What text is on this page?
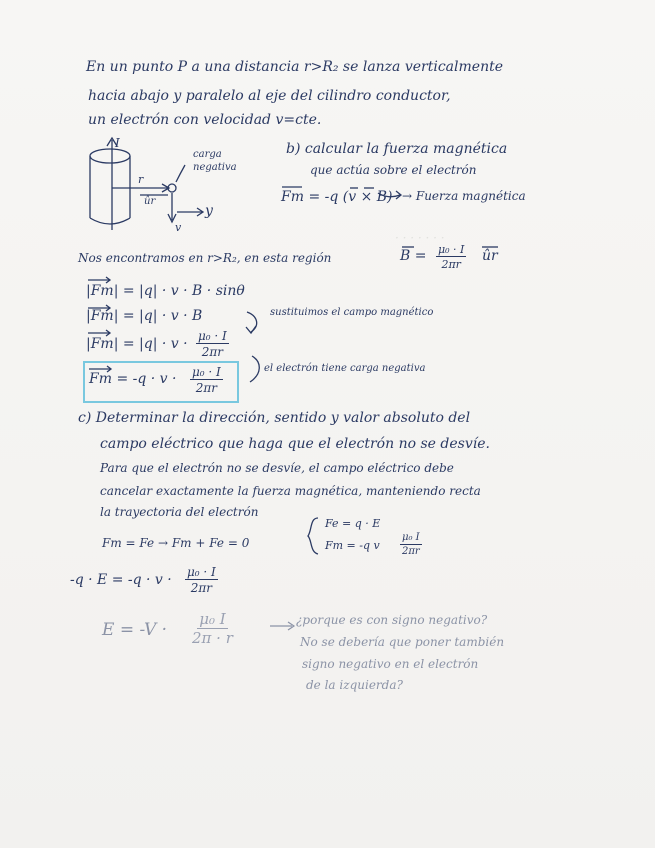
· · · · · · ·
En un punto P a una distancia r>R₂ se lanza verticalmente
hacia abajo y paralelo al eje del cilindro conductor,
un electrón con velocidad v=cte.
I
r
ûr
v
y
carga
negativa
b) calcular la fuerza magnética
que actúa sobre el electrón
Fm = -q (v × B) → Fuerza magnética
Nos encontramos en r>R₂, en esta región	$B = \frac{\text{μ₀ · I}}{2\pi r}$ ûr
|Fm| = |q| · v · B · sinθ
|Fm| = |q| · v · B	sustituimos el campo magnético
$|Fm| = |q| \cdot v \cdot \frac{\text{μ₀ · I}}{2\pi r}$
$Fm = -q \cdot v \cdot \frac{\text{μ₀ · I}}{2\pi r}$	el electrón tiene carga negativa
c) Determinar la dirección, sentido y valor absoluto del
campo eléctrico que haga que el electrón no se desvíe.
Para que el electrón no se desvíe, el campo eléctrico debe
cancelar exactamente la fuerza magnética, manteniendo recta
la trayectoria del electrón
Fm = Fe → Fm + Fe = 0
Fe = q · E
Fm = -q v $\frac{\text{μ₀ I}}{2\pi r}$
$-q \cdot E = -q \cdot v \cdot \frac{\text{μ₀ · I}}{2\pi r}$
$E = -V \cdot \frac{\text{μ₀ I}}{2\pi \cdot r}$	¿porque es con signo negativo?
No se debería que poner también
signo negativo en el electrón
de la izquierda?
